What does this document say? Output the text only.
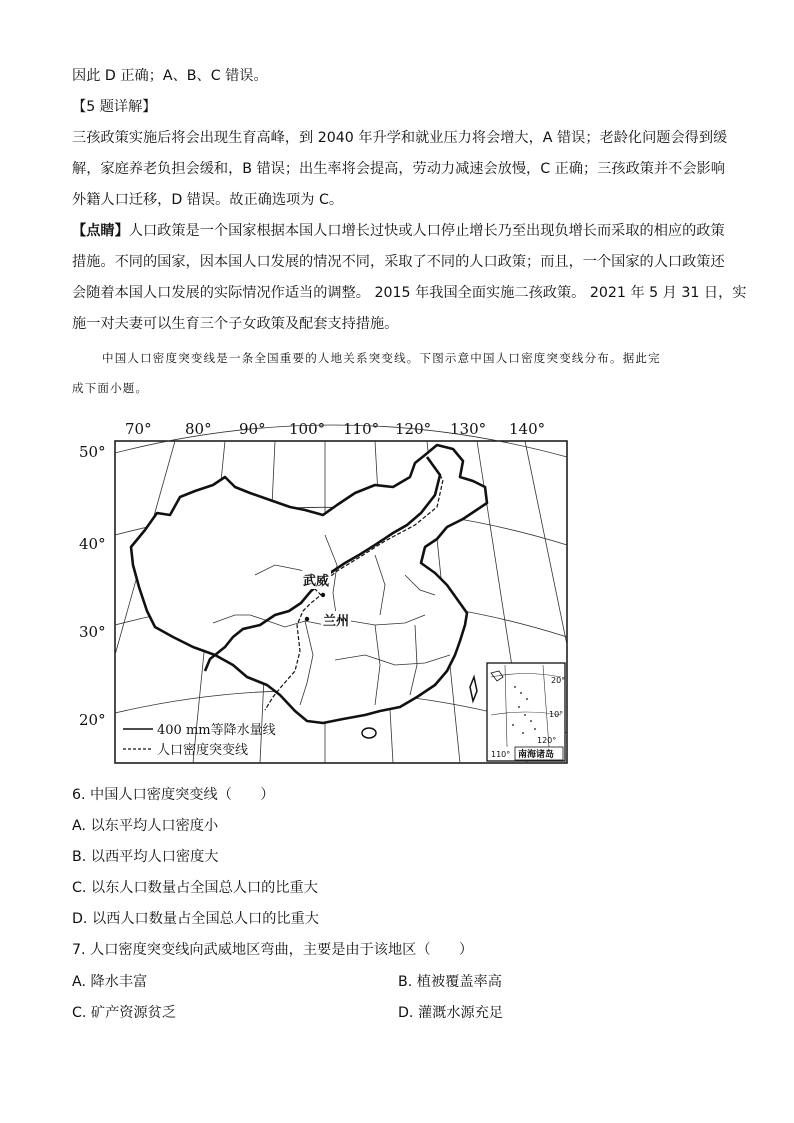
因此 D 正确；A、B、C 错误。
【5 题详解】
三孩政策实施后将会出现生育高峰，到 2040 年升学和就业压力将会增大，A 错误；老龄化问题会得到缓
解，家庭养老负担会缓和，B 错误；出生率将会提高，劳动力减速会放慢，C 正确；三孩政策并不会影响
外籍人口迁移，D 错误。故正确选项为 C。
【点睛】人口政策是一个国家根据本国人口增长过快或人口停止增长乃至出现负增长而采取的相应的政策
措施。不同的国家，因本国人口发展的情况不同，采取了不同的人口政策；而且，一个国家的人口政策还
会随着本国人口发展的实际情况作适当的调整。 2015 年我国全面实施二孩政策。 2021 年 5 月 31 日，实
施一对夫妻可以生育三个子女政策及配套支持措施。
中国人口密度突变线是一条全国重要的人地关系突变线。下图示意中国人口密度突变线分布。据此完
成下面小题。
70° 80° 90° 100° 110° 120° 130° 140°
50°
40°
30°
20°
武威
兰州
400 mm等降水量线
人口密度突变线
20°
10°
110°
120°
南海诸岛
6. 中国人口密度突变线（　　）
A. 以东平均人口密度小
B. 以西平均人口密度大
C. 以东人口数量占全国总人口的比重大
D. 以西人口数量占全国总人口的比重大
7. 人口密度突变线向武威地区弯曲，主要是由于该地区（　　）
A. 降水丰富	B. 植被覆盖率高
C. 矿产资源贫乏	D. 灌溉水源充足
